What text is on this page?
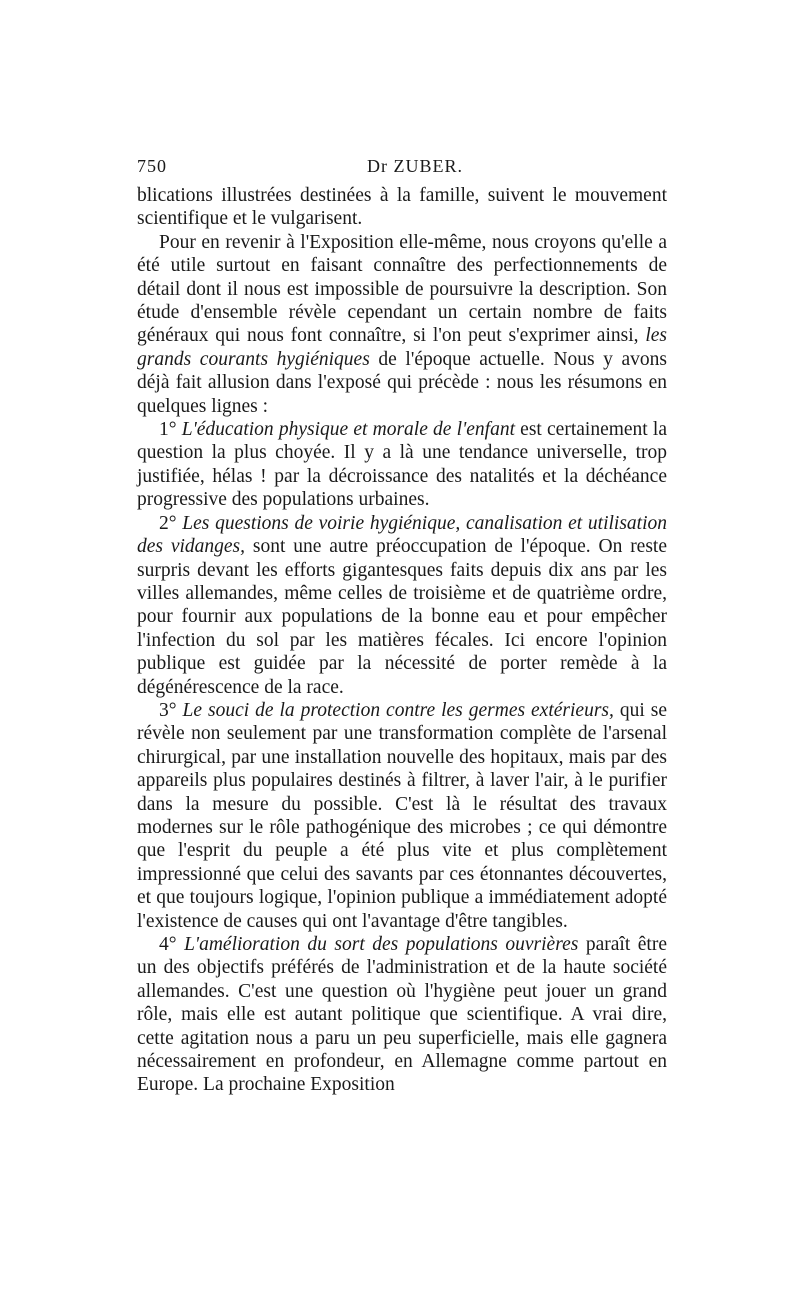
750	Dr ZUBER.

blications illustrées destinées à la famille, suivent le mouvement scientifique et le vulgarisent.

Pour en revenir à l'Exposition elle-même, nous croyons qu'elle a été utile surtout en faisant connaître des perfectionnements de détail dont il nous est impossible de poursuivre la description. Son étude d'ensemble révèle cependant un certain nombre de faits généraux qui nous font connaître, si l'on peut s'exprimer ainsi, les grands courants hygiéniques de l'époque actuelle. Nous y avons déjà fait allusion dans l'exposé qui précède : nous les résumons en quelques lignes :

1° L'éducation physique et morale de l'enfant est certainement la question la plus choyée. Il y a là une tendance universelle, trop justifiée, hélas ! par la décroissance des natalités et la déchéance progressive des populations urbaines.

2° Les questions de voirie hygiénique, canalisation et utilisation des vidanges, sont une autre préoccupation de l'époque. On reste surpris devant les efforts gigantesques faits depuis dix ans par les villes allemandes, même celles de troisième et de quatrième ordre, pour fournir aux populations de la bonne eau et pour empêcher l'infection du sol par les matières fécales. Ici encore l'opinion publique est guidée par la nécessité de porter remède à la dégénérescence de la race.

3° Le souci de la protection contre les germes extérieurs, qui se révèle non seulement par une transformation complète de l'arsenal chirurgical, par une installation nouvelle des hopitaux, mais par des appareils plus populaires destinés à filtrer, à laver l'air, à le purifier dans la mesure du possible. C'est là le résultat des travaux modernes sur le rôle pathogénique des microbes ; ce qui démontre que l'esprit du peuple a été plus vite et plus complètement impressionné que celui des savants par ces étonnantes découvertes, et que toujours logique, l'opinion publique a immédiatement adopté l'existence de causes qui ont l'avantage d'être tangibles.

4° L'amélioration du sort des populations ouvrières paraît être un des objectifs préférés de l'administration et de la haute société allemandes. C'est une question où l'hygiène peut jouer un grand rôle, mais elle est autant politique que scientifique. A vrai dire, cette agitation nous a paru un peu superficielle, mais elle gagnera nécessairement en profondeur, en Allemagne comme partout en Europe. La prochaine Exposition
